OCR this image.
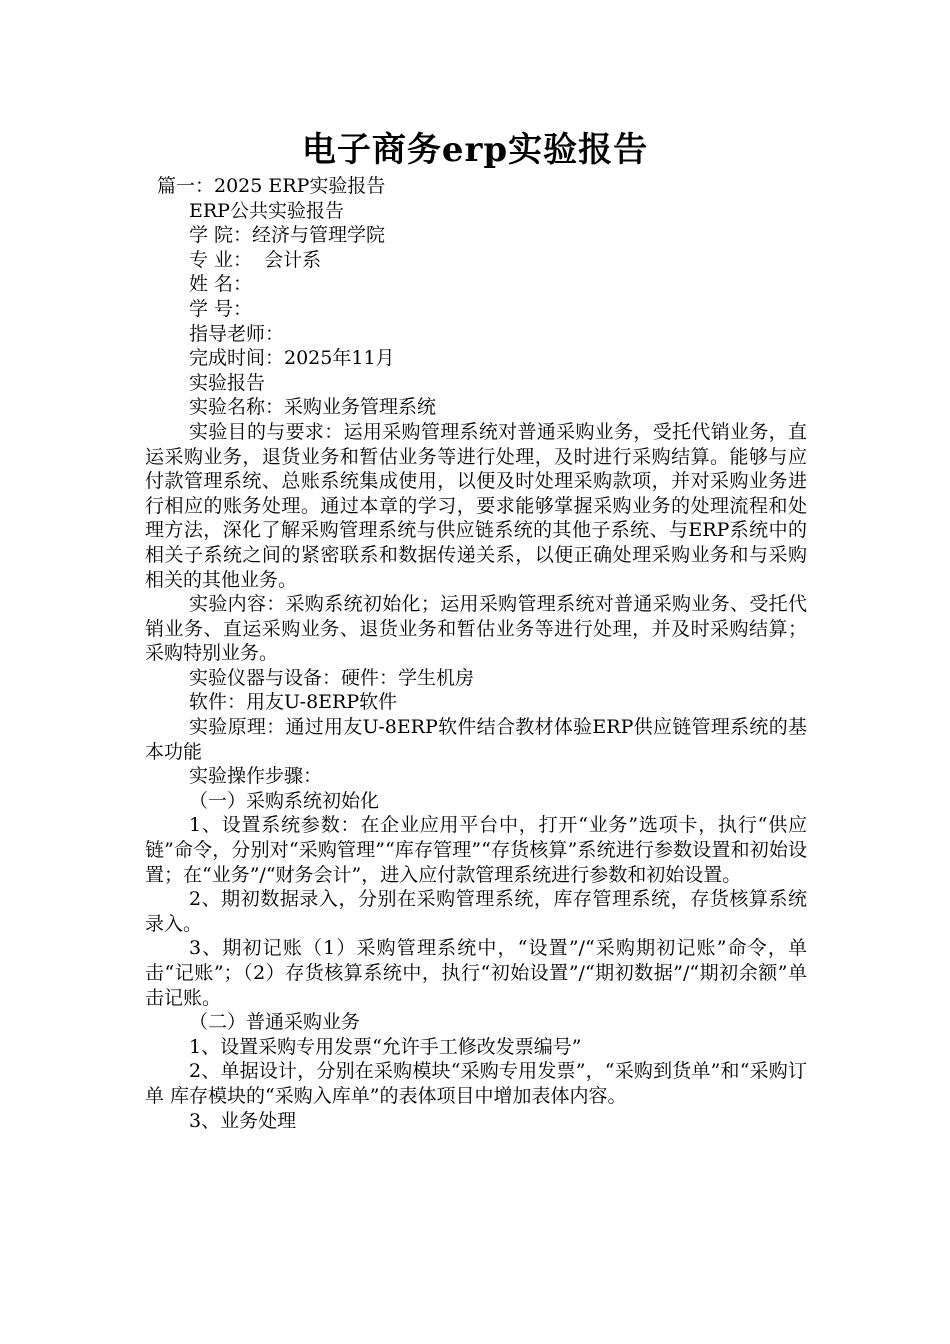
电子商务erp实验报告

篇一：2025 ERP实验报告

ERP公共实验报告

学 院：经济与管理学院

专 业：  会计系

姓 名：

学 号：

指导老师：

完成时间：2025年11月

实验报告

实验名称：采购业务管理系统

实验目的与要求：运用采购管理系统对普通采购业务，受托代销业务，直运采购业务，退货业务和暂估业务等进行处理，及时进行采购结算。能够与应付款管理系统、总账系统集成使用，以便及时处理采购款项，并对采购业务进行相应的账务处理。通过本章的学习，要求能够掌握采购业务的处理流程和处理方法，深化了解采购管理系统与供应链系统的其他子系统、与ERP系统中的相关子系统之间的紧密联系和数据传递关系，以便正确处理采购业务和与采购相关的其他业务。

实验内容：采购系统初始化；运用采购管理系统对普通采购业务、受托代销业务、直运采购业务、退货业务和暂估业务等进行处理，并及时采购结算；采购特别业务。

实验仪器与设备：硬件：学生机房

软件：用友U-8ERP软件

实验原理：通过用友U-8ERP软件结合教材体验ERP供应链管理系统的基本功能

实验操作步骤：

（一）采购系统初始化

1、设置系统参数：在企业应用平台中，打开“业务”选项卡，执行“供应链”命令，分别对“采购管理”“库存管理”“存货核算”系统进行参数设置和初始设置；在“业务”/“财务会计”，进入应付款管理系统进行参数和初始设置。

2、期初数据录入，分别在采购管理系统，库存管理系统，存货核算系统录入。

3、期初记账（1）采购管理系统中，“设置”/“采购期初记账”命令，单击“记账”；（2）存货核算系统中，执行“初始设置”/“期初数据”/“期初余额”单击记账。

（二）普通采购业务

1、设置采购专用发票“允许手工修改发票编号”

2、单据设计，分别在采购模块“采购专用发票”，“采购到货单”和“采购订单 库存模块的“采购入库单”的表体项目中增加表体内容。

3、业务处理
